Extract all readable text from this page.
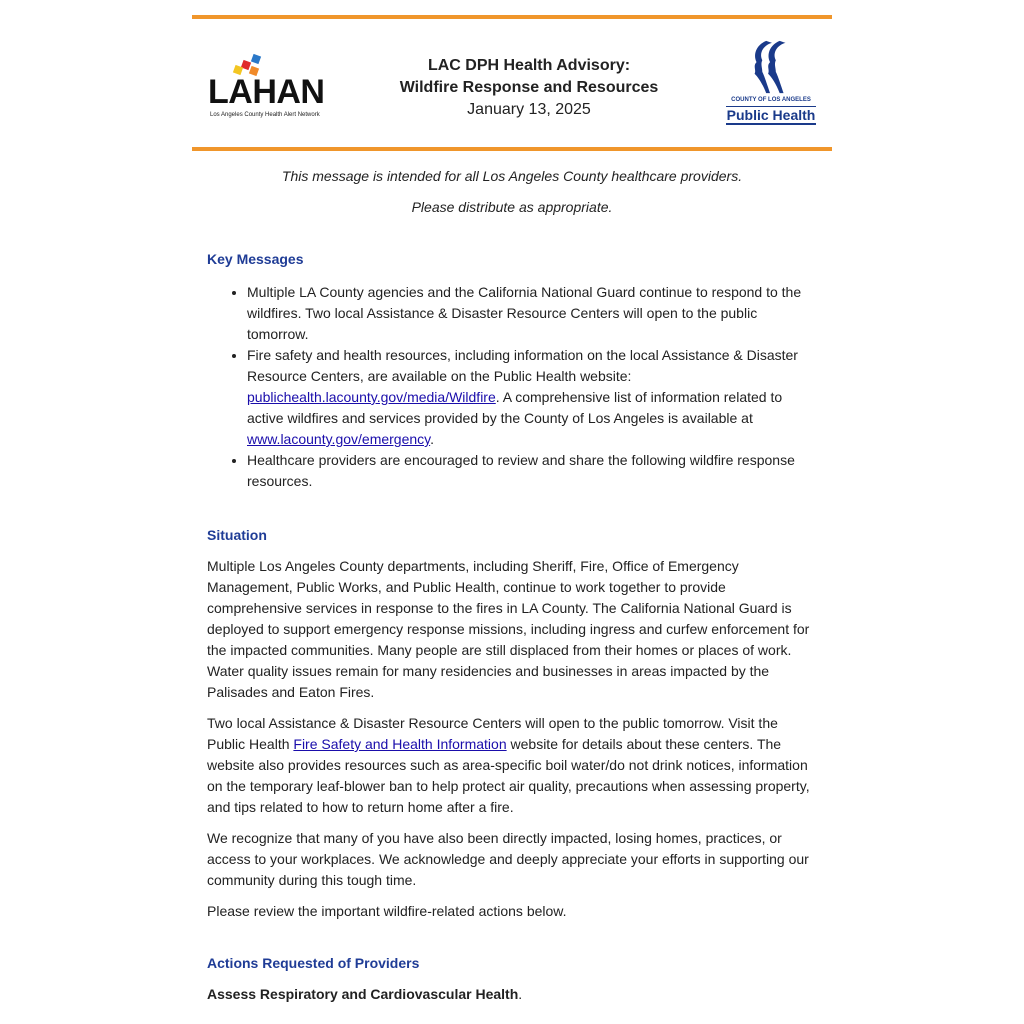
LAHAN
Los Angeles County Health Alert Network
LAC DPH Health Advisory:
Wildfire Response and Resources
January 13, 2025
COUNTY OF LOS ANGELES
Public Health

This message is intended for all Los Angeles County healthcare providers.

Please distribute as appropriate.

Key Messages
• Multiple LA County agencies and the California National Guard continue to respond to the wildfires. Two local Assistance & Disaster Resource Centers will open to the public tomorrow.
• Fire safety and health resources, including information on the local Assistance & Disaster Resource Centers, are available on the Public Health website: publichealth.lacounty.gov/media/Wildfire. A comprehensive list of information related to active wildfires and services provided by the County of Los Angeles is available at www.lacounty.gov/emergency.
• Healthcare providers are encouraged to review and share the following wildfire response resources.
Situation

Multiple Los Angeles County departments, including Sheriff, Fire, Office of Emergency Management, Public Works, and Public Health, continue to work together to provide comprehensive services in response to the fires in LA County. The California National Guard is deployed to support emergency response missions, including ingress and curfew enforcement for the impacted communities. Many people are still displaced from their homes or places of work. Water quality issues remain for many residencies and businesses in areas impacted by the Palisades and Eaton Fires.

Two local Assistance & Disaster Resource Centers will open to the public tomorrow. Visit the Public Health Fire Safety and Health Information website for details about these centers. The website also provides resources such as area-specific boil water/do not drink notices, information on the temporary leaf-blower ban to help protect air quality, precautions when assessing property, and tips related to how to return home after a fire.

We recognize that many of you have also been directly impacted, losing homes, practices, or access to your workplaces. We acknowledge and deeply appreciate your efforts in supporting our community during this tough time.

Please review the important wildfire-related actions below.

Actions Requested of Providers

Assess Respiratory and Cardiovascular Health.
